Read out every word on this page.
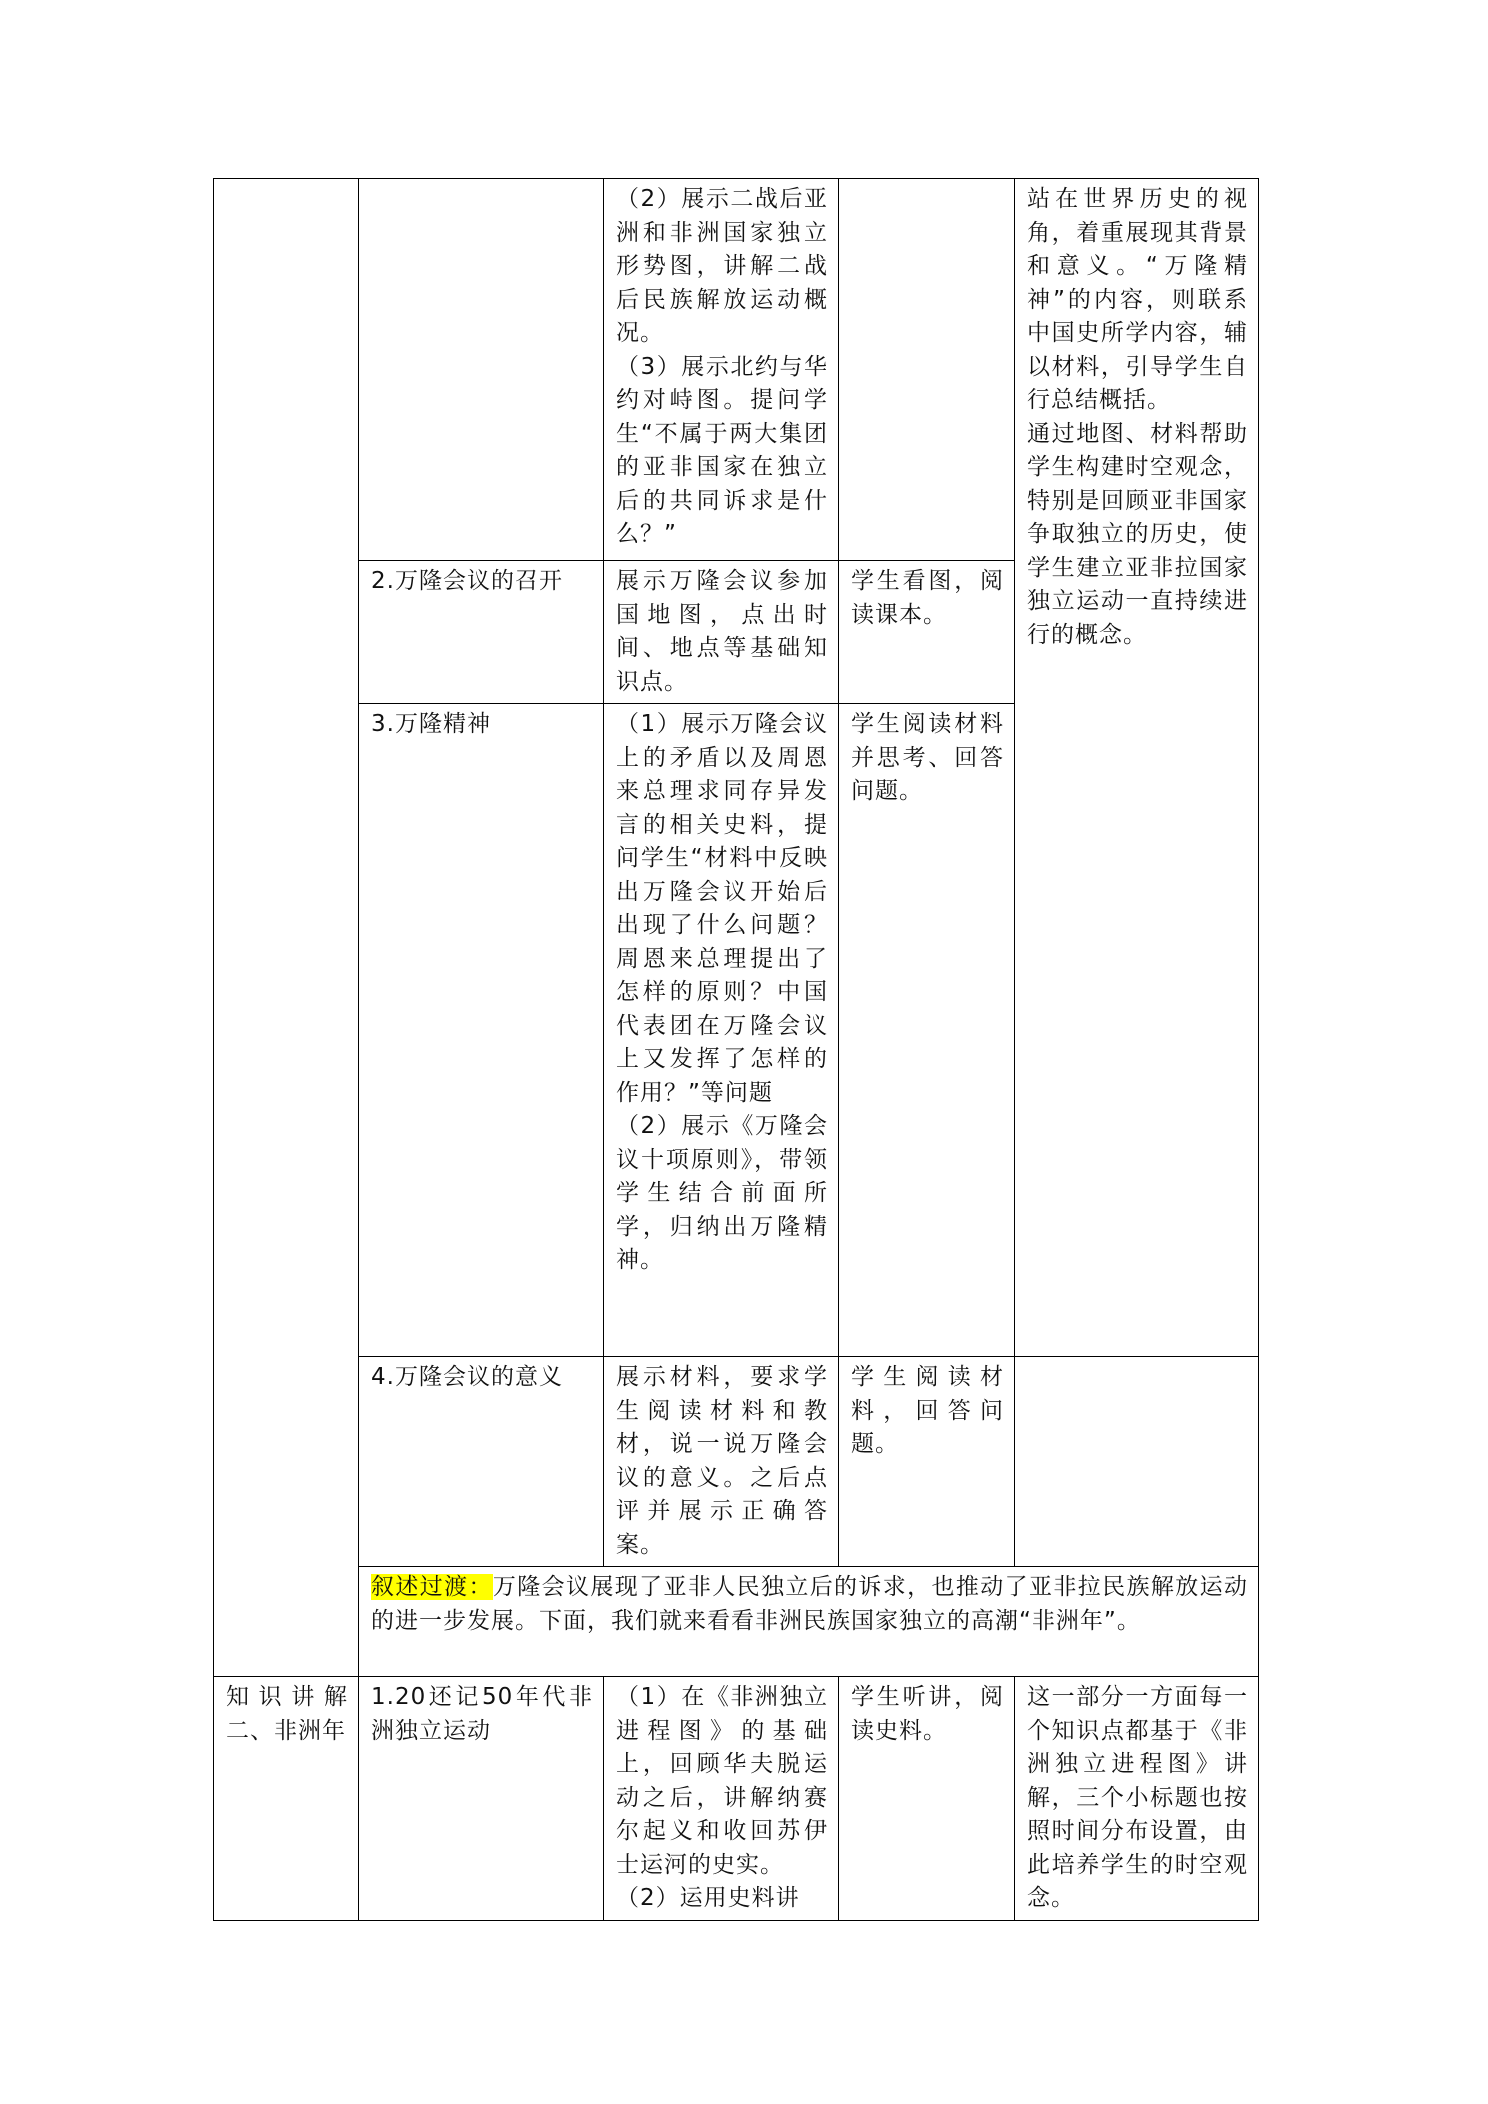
		（2）展示二战后亚洲和非洲国家独立形势图，讲解二战后民族解放运动概况。
（3）展示北约与华约对峙图。提问学生“不属于两大集团的亚非国家在独立后的共同诉求是什么？”		站在世界历史的视角，着重展现其背景和意义。“万隆精神”的内容，则联系中国史所学内容，辅以材料，引导学生自行总结概括。
通过地图、材料帮助学生构建时空观念，特别是回顾亚非国家争取独立的历史，使学生建立亚非拉国家独立运动一直持续进行的概念。

	2.万隆会议的召开	展示万隆会议参加国地图，点出时间、地点等基础知识点。	学生看图，阅读课本。	
	3.万隆精神	（1）展示万隆会议上的矛盾以及周恩来总理求同存异发言的相关史料，提问学生“材料中反映出万隆会议开始后出现了什么问题？周恩来总理提出了怎样的原则？中国代表团在万隆会议上又发挥了怎样的作用？”等问题
（2）展示《万隆会议十项原则》，带领学生结合前面所学，归纳出万隆精神。	学生阅读材料并思考、回答问题。	
	4.万隆会议的意义	展示材料，要求学生阅读材料和教材，说一说万隆会议的意义。之后点评并展示正确答案。	学生阅读材料，回答问题。	
	叙述过渡：万隆会议展现了亚非人民独立后的诉求，也推动了亚非拉民族解放运动的进一步发展。下面，我们就来看看非洲民族国家独立的高潮“非洲年”。			
知识讲解二、非洲年	1.20还记50年代非洲独立运动	（1）在《非洲独立进程图》的基础上，回顾华夫脱运动之后，讲解纳赛尔起义和收回苏伊士运河的史实。
（2）运用史料讲	学生听讲，阅读史料。	这一部分一方面每一个知识点都基于《非洲独立进程图》讲解，三个小标题也按照时间分布设置，由此培养学生的时空观念。
